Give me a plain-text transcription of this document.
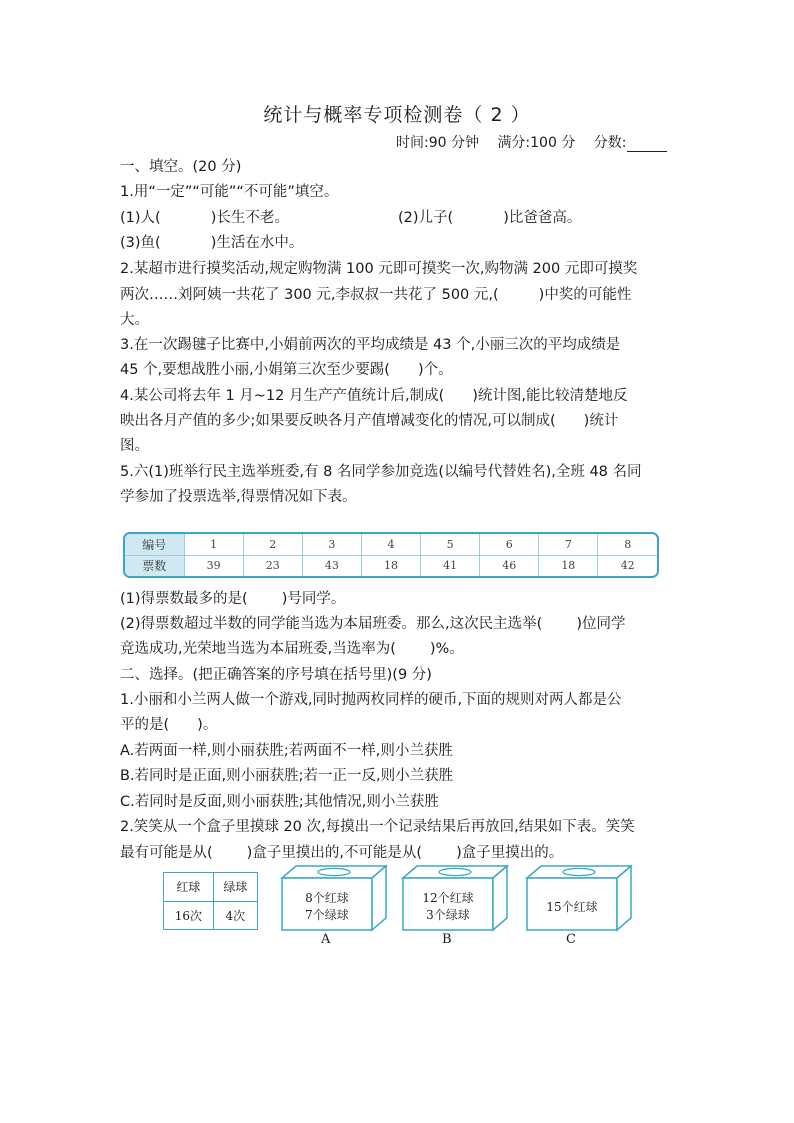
统计与概率专项检测卷（ 2 ）
时间:90 分钟 满分:100 分 分数:
一、填空。(20 分)
1.用“一定”“可能”“不可能”填空。
(1)人(	)长生不老。	(2)儿子(	)比爸爸高。
(3)鱼(	)生活在水中。
2.某超市进行摸奖活动,规定购物满 100 元即可摸奖一次,购物满 200 元即可摸奖
两次……刘阿姨一共花了 300 元,李叔叔一共花了 500 元,(	)中奖的可能性
大。
3.在一次踢毽子比赛中,小娟前两次的平均成绩是 43 个,小丽三次的平均成绩是
45 个,要想战胜小丽,小娟第三次至少要踢( )个。
4.某公司将去年 1 月~12 月生产产值统计后,制成( )统计图,能比较清楚地反
映出各月产值的多少;如果要反映各月产值增减变化的情况,可以制成( )统计
图。
5.六(1)班举行民主选举班委,有 8 名同学参加竞选(以编号代替姓名),全班 48 名同
学参加了投票选举,得票情况如下表。
编号	1	2	3	4	5	6	7	8
票数	39	23	43	18	41	46	18	42
(1)得票数最多的是( )号同学。
(2)得票数超过半数的同学能当选为本届班委。那么,这次民主选举( )位同学
竞选成功,光荣地当选为本届班委,当选率为( )%。
二、选择。(把正确答案的序号填在括号里)(9 分)
1.小丽和小兰两人做一个游戏,同时抛两枚同样的硬币,下面的规则对两人都是公
平的是( )。
A.若两面一样,则小丽获胜;若两面不一样,则小兰获胜
B.若同时是正面,则小丽获胜;若一正一反,则小兰获胜
C.若同时是反面,则小丽获胜;其他情况,则小兰获胜
2.笑笑从一个盒子里摸球 20 次,每摸出一个记录结果后再放回,结果如下表。笑笑
最有可能是从( )盒子里摸出的,不可能是从( )盒子里摸出的。
红球	绿球
16次	4次
8个红球
7个绿球
A
12个红球
3个绿球
B
15个红球
C
